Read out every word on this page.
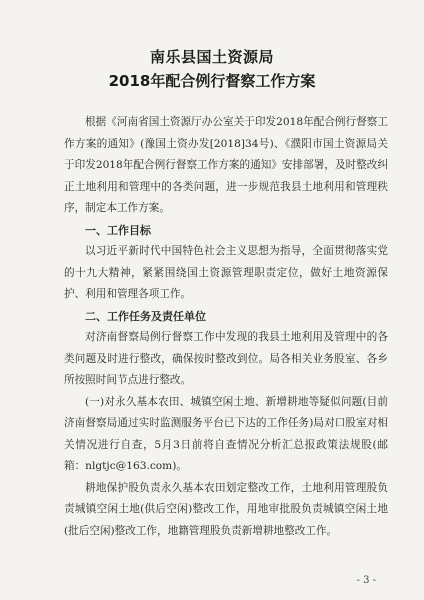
南乐县国土资源局
2018年配合例行督察工作方案

根据《河南省国土资源厅办公室关于印发2018年配合例行督察工作方案的通知》(豫国土资办发[2018]34号)、《濮阳市国土资源局关于印发2018年配合例行督察工作方案的通知》安排部署，及时整改纠正土地利用和管理中的各类问题，进一步规范我县土地利用和管理秩序，制定本工作方案。

一、工作目标

以习近平新时代中国特色社会主义思想为指导，全面贯彻落实党的十九大精神，紧紧围绕国土资源管理职责定位，做好土地资源保护、利用和管理各项工作。

二、工作任务及责任单位

对济南督察局例行督察工作中发现的我县土地利用及管理中的各类问题及时进行整改，确保按时整改到位。局各相关业务股室、各乡所按照时间节点进行整改。

(一)对永久基本农田、城镇空闲土地、新增耕地等疑似问题(目前济南督察局通过实时监测服务平台已下达的工作任务)局对口股室对相关情况进行自查，5月3日前将自查情况分析汇总报政策法规股(邮箱：nlgtjc@163.com)。

耕地保护股负责永久基本农田划定整改工作，土地利用管理股负责城镇空闲土地(供后空闲)整改工作，用地审批股负责城镇空闲土地(批后空闲)整改工作，地籍管理股负责新增耕地整改工作。

- 3 -
